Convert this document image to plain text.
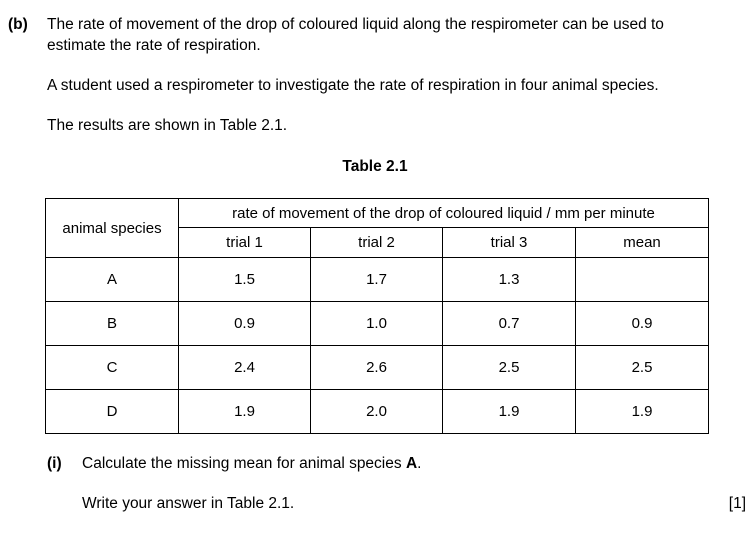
(b) The rate of movement of the drop of coloured liquid along the respirometer can be used to
estimate the rate of respiration.
A student used a respirometer to investigate the rate of respiration in four animal species.
The results are shown in Table 2.1.
Table 2.1
animal species	rate of movement of the drop of coloured liquid / mm per minute			
	trial 1	trial 2	trial 3	mean
A	1.5	1.7	1.3	
B	0.9	1.0	0.7	0.9
C	2.4	2.6	2.5	2.5
D	1.9	2.0	1.9	1.9
(i) Calculate the missing mean for animal species A.
Write your answer in Table 2.1.	[1]
